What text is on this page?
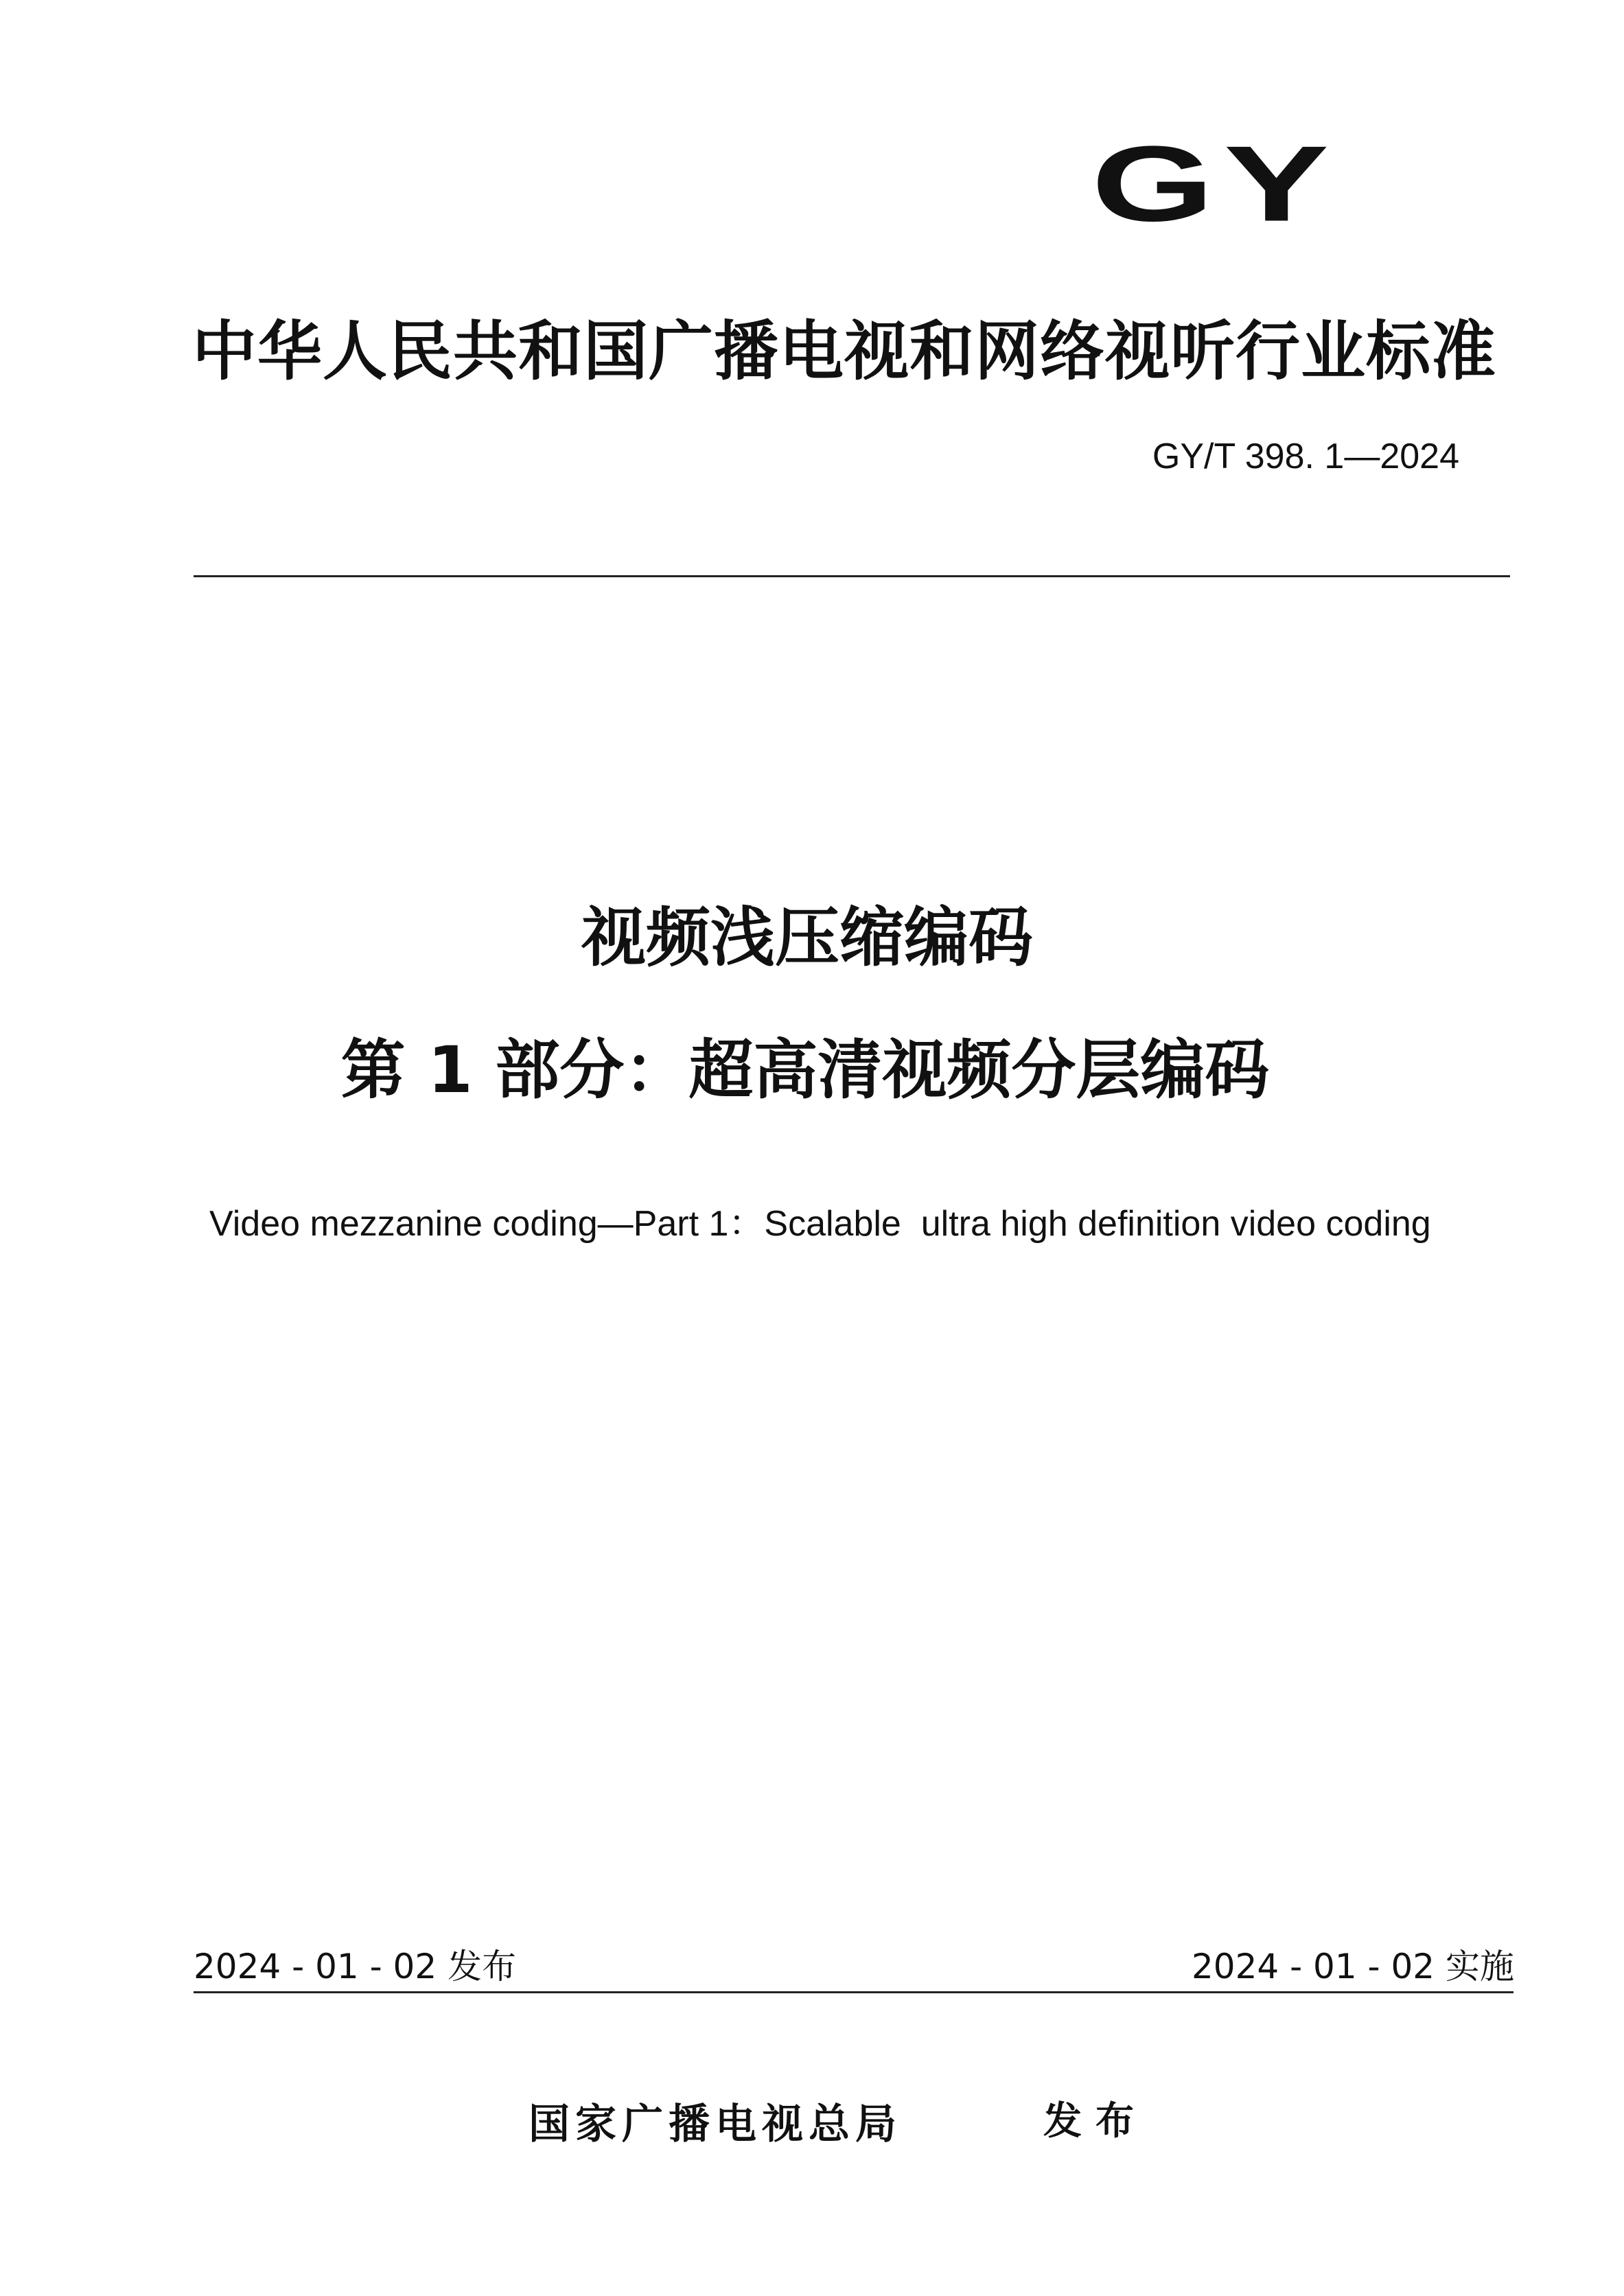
GY
中华人民共和国广播电视和网络视听行业标准
GY/T 398. 1—2024
视频浅压缩编码
第 1 部分：超高清视频分层编码
Video mezzanine coding—Part 1：Scalable  ultra high definition video coding
2024 - 01 - 02 发布	2024 - 01 - 02 实施
国家广播电视总局	发布
